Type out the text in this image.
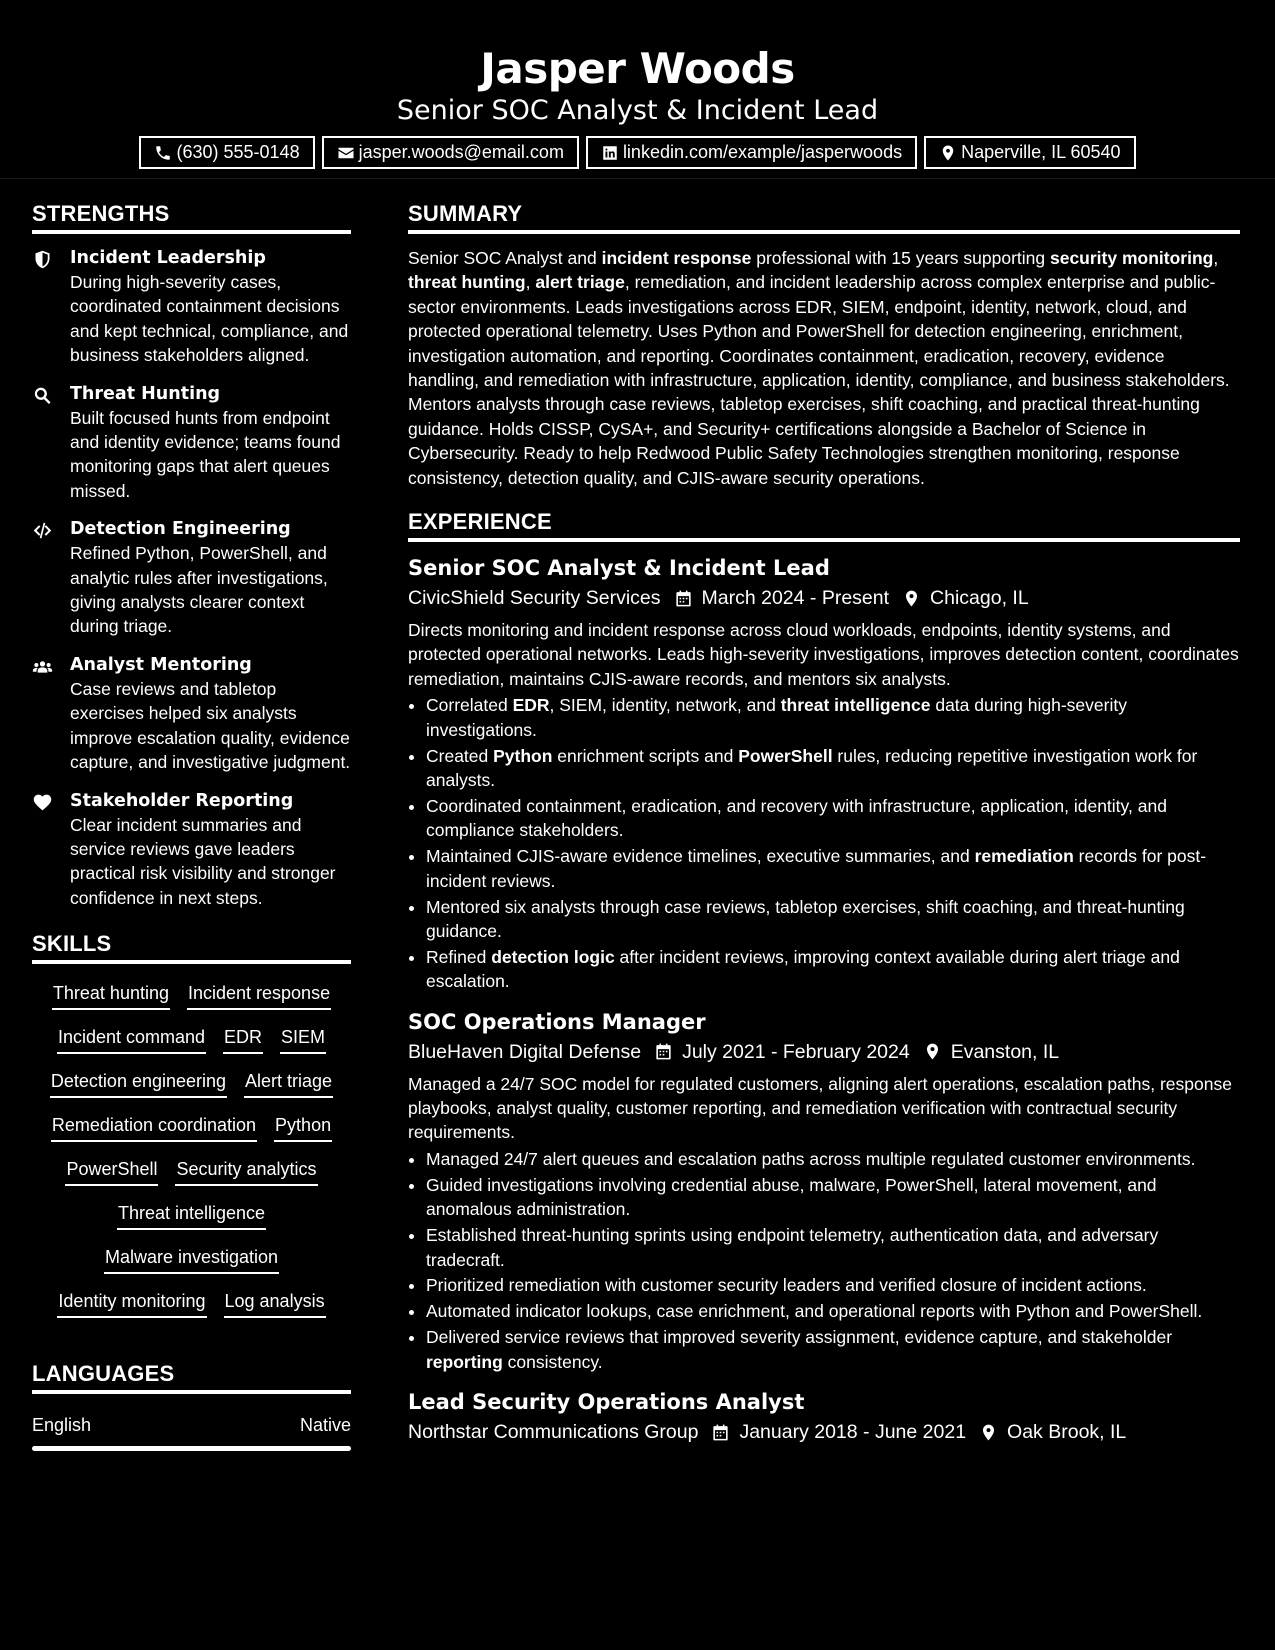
Jasper Woods
Senior SOC Analyst & Incident Lead
(630) 555-0148	jasper.woods@email.com	linkedin.com/example/jasperwoods	Naperville, IL 60540
STRENGTHS
Incident Leadership
During high-severity cases, coordinated containment decisions and kept technical, compliance, and business stakeholders aligned.
Threat Hunting
Built focused hunts from endpoint and identity evidence; teams found monitoring gaps that alert queues missed.
Detection Engineering
Refined Python, PowerShell, and analytic rules after investigations, giving analysts clearer context during triage.
Analyst Mentoring
Case reviews and tabletop exercises helped six analysts improve escalation quality, evidence capture, and investigative judgment.
Stakeholder Reporting
Clear incident summaries and service reviews gave leaders practical risk visibility and stronger confidence in next steps.
SKILLS
Threat hunting Incident response
Incident command EDR SIEM
Detection engineering Alert triage
Remediation coordination Python
PowerShell Security analytics
Threat intelligence
Malware investigation
Identity monitoring Log analysis
LANGUAGES
English	Native
SUMMARY
Senior SOC Analyst and incident response professional with 15 years supporting security monitoring, threat hunting, alert triage, remediation, and incident leadership across complex enterprise and public-sector environments. Leads investigations across EDR, SIEM, endpoint, identity, network, cloud, and protected operational telemetry. Uses Python and PowerShell for detection engineering, enrichment, investigation automation, and reporting. Coordinates containment, eradication, recovery, evidence handling, and remediation with infrastructure, application, identity, compliance, and business stakeholders. Mentors analysts through case reviews, tabletop exercises, shift coaching, and practical threat-hunting guidance. Holds CISSP, CySA+, and Security+ certifications alongside a Bachelor of Science in Cybersecurity. Ready to help Redwood Public Safety Technologies strengthen monitoring, response consistency, detection quality, and CJIS-aware security operations.
EXPERIENCE
Senior SOC Analyst & Incident Lead
CivicShield Security Services March 2024 - Present Chicago, IL
Directs monitoring and incident response across cloud workloads, endpoints, identity systems, and protected operational networks. Leads high-severity investigations, improves detection content, coordinates remediation, maintains CJIS-aware records, and mentors six analysts.
• Correlated EDR, SIEM, identity, network, and threat intelligence data during high-severity investigations.
• Created Python enrichment scripts and PowerShell rules, reducing repetitive investigation work for analysts.
• Coordinated containment, eradication, and recovery with infrastructure, application, identity, and compliance stakeholders.
• Maintained CJIS-aware evidence timelines, executive summaries, and remediation records for post-incident reviews.
• Mentored six analysts through case reviews, tabletop exercises, shift coaching, and threat-hunting guidance.
• Refined detection logic after incident reviews, improving context available during alert triage and escalation.
SOC Operations Manager
BlueHaven Digital Defense July 2021 - February 2024 Evanston, IL
Managed a 24/7 SOC model for regulated customers, aligning alert operations, escalation paths, response playbooks, analyst quality, customer reporting, and remediation verification with contractual security requirements.
• Managed 24/7 alert queues and escalation paths across multiple regulated customer environments.
• Guided investigations involving credential abuse, malware, PowerShell, lateral movement, and anomalous administration.
• Established threat-hunting sprints using endpoint telemetry, authentication data, and adversary tradecraft.
• Prioritized remediation with customer security leaders and verified closure of incident actions.
• Automated indicator lookups, case enrichment, and operational reports with Python and PowerShell.
• Delivered service reviews that improved severity assignment, evidence capture, and stakeholder reporting consistency.
Lead Security Operations Analyst
Northstar Communications Group January 2018 - June 2021 Oak Brook, IL
